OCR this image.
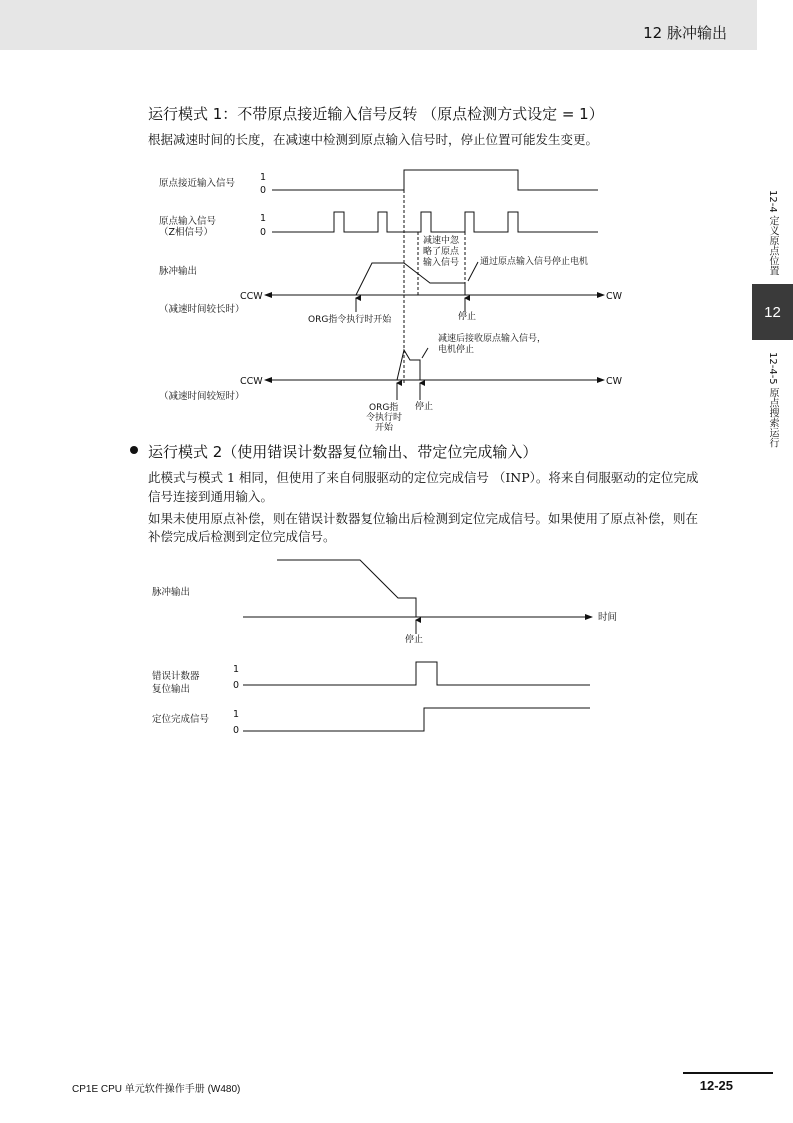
12 脉冲输出
12-4 定义原点位置
12
12-4-5 原点搜索运行
运行模式 1：不带原点接近输入信号反转 （原点检测方式设定 = 1）
根据减速时间的长度，在减速中检测到原点输入信号时，停止位置可能发生变更。
原点接近输入信号
1
0
原点输入信号
（Z相信号）
1
0
脉冲输出
CCW	CW
（减速时间较长时）
减速中忽
略了原点
输入信号 通过原点输入信号停止电机
ORG指令执行时开始	停止
减速后接收原点输入信号，
电机停止
CCW	CW
（减速时间较短时）
ORG指
令执行时
开始
停止
运行模式 2（使用错误计数器复位输出、带定位完成输入）
此模式与模式 1 相同，但使用了来自伺服驱动的定位完成信号 （INP）。将来自伺服驱动的定位完成
信号连接到通用输入。
如果未使用原点补偿，则在错误计数器复位输出后检测到定位完成信号。如果使用了原点补偿，则在
补偿完成后检测到定位完成信号。
脉冲输出
时间
停止
错误计数器
复位输出
1
0
定位完成信号	1
0
CP1E CPU 单元软件操作手册 (W480)	12-25
